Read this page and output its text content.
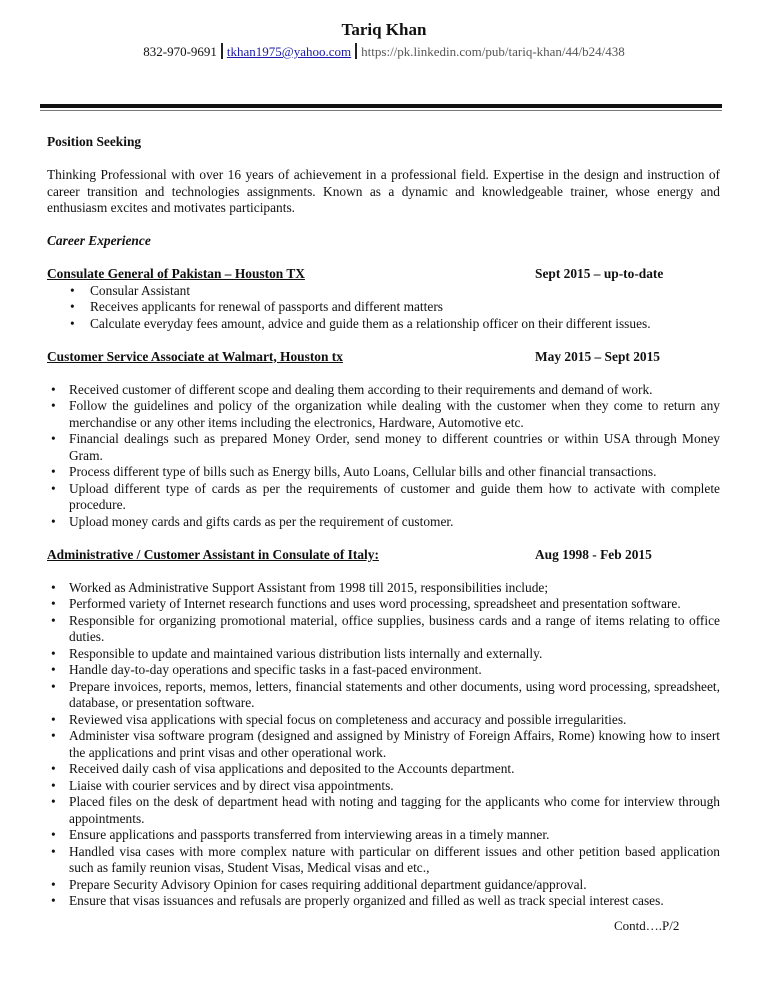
Tariq Khan
832-970-9691 tkhan1975@yahoo.com https://pk.linkedin.com/pub/tariq-khan/44/b24/438
Position Seeking

Thinking Professional with over 16 years of achievement in a professional field. Expertise in the design and instruction of career transition and technologies assignments. Known as a dynamic and knowledgeable trainer, whose energy and enthusiasm excites and motivates participants.

Career Experience
Consulate General of Pakistan – Houston TX	Sept 2015 – up-to-date
• Consular Assistant
• Receives applicants for renewal of passports and different matters
• Calculate everyday fees amount, advice and guide them as a relationship officer on their different issues.
Customer Service Associate at Walmart, Houston tx	May 2015 – Sept 2015
• Received customer of different scope and dealing them according to their requirements and demand of work.
• Follow the guidelines and policy of the organization while dealing with the customer when they come to return any merchandise or any other items including the electronics, Hardware, Automotive etc.
• Financial dealings such as prepared Money Order, send money to different countries or within USA through Money Gram.
• Process different type of bills such as Energy bills, Auto Loans, Cellular bills and other financial transactions.
• Upload different type of cards as per the requirements of customer and guide them how to activate with complete procedure.
• Upload money cards and gifts cards as per the requirement of customer.
Administrative / Customer Assistant in Consulate of Italy:	Aug 1998 - Feb 2015
• Worked as Administrative Support Assistant from 1998 till 2015, responsibilities include;
• Performed variety of Internet research functions and uses word processing, spreadsheet and presentation software.
• Responsible for organizing promotional material, office supplies, business cards and a range of items relating to office duties.
• Responsible to update and maintained various distribution lists internally and externally.
• Handle day-to-day operations and specific tasks in a fast-paced environment.
• Prepare invoices, reports, memos, letters, financial statements and other documents, using word processing, spreadsheet, database, or presentation software.
• Reviewed visa applications with special focus on completeness and accuracy and possible irregularities.
• Administer visa software program (designed and assigned by Ministry of Foreign Affairs, Rome) knowing how to insert the applications and print visas and other operational work.
• Received daily cash of visa applications and deposited to the Accounts department.
• Liaise with courier services and by direct visa appointments.
• Placed files on the desk of department head with noting and tagging for the applicants who come for interview through appointments.
• Ensure applications and passports transferred from interviewing areas in a timely manner.
• Handled visa cases with more complex nature with particular on different issues and other petition based application such as family reunion visas, Student Visas, Medical visas and etc.,
• Prepare Security Advisory Opinion for cases requiring additional department guidance/approval.
• Ensure that visas issuances and refusals are properly organized and filled as well as track special interest cases.
Contd….P/2
